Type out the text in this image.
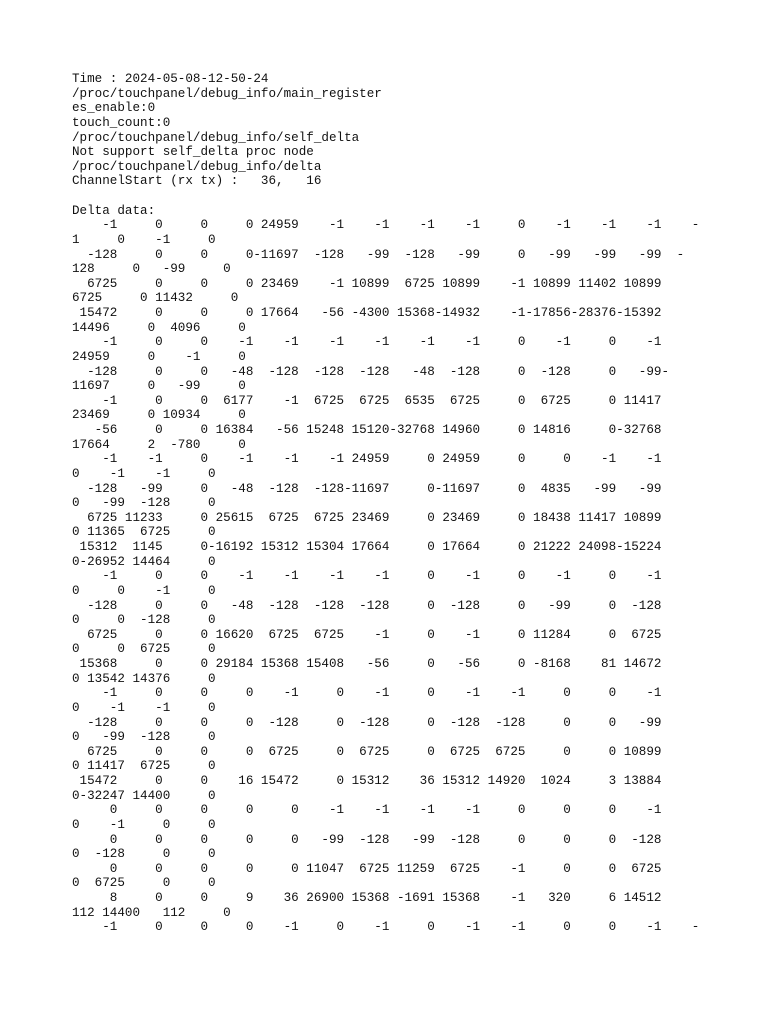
Time : 2024-05-08-12-50-24
/proc/touchpanel/debug_info/main_register
es_enable:0
touch_count:0
/proc/touchpanel/debug_info/self_delta
Not support self_delta proc node
/proc/touchpanel/debug_info/delta
ChannelStart (rx tx) :   36,   16
Delta data:
-1     0     0     0 24959    -1    -1    -1    -1     0    -1    -1    -1    -
1     0    -1     0
-128     0     0     0-11697  -128   -99  -128   -99     0   -99   -99   -99  -
128     0   -99     0
6725     0     0     0 23469    -1 10899  6725 10899    -1 10899 11402 10899
6725     0 11432     0
15472     0     0     0 17664   -56 -4300 15368-14932    -1-17856-28376-15392
14496     0  4096     0
-1     0     0    -1    -1    -1    -1    -1    -1     0    -1     0    -1
24959     0    -1     0
-128     0     0   -48  -128  -128  -128   -48  -128     0  -128     0   -99-
11697     0   -99     0
-1     0     0  6177    -1  6725  6725  6535  6725     0  6725     0 11417
23469     0 10934     0
-56     0     0 16384   -56 15248 15120-32768 14960     0 14816     0-32768
17664     2  -780     0
-1    -1     0    -1    -1    -1 24959     0 24959     0     0    -1    -1
0    -1    -1     0
-128   -99     0   -48  -128  -128-11697     0-11697     0  4835   -99   -99
0   -99  -128     0
6725 11233     0 25615  6725  6725 23469     0 23469     0 18438 11417 10899
0 11365  6725     0
15312  1145     0-16192 15312 15304 17664     0 17664     0 21222 24098-15224
0-26952 14464     0
-1     0     0    -1    -1    -1    -1     0    -1     0    -1     0    -1
0     0    -1     0
-128     0     0   -48  -128  -128  -128     0  -128     0   -99     0  -128
0     0  -128     0
6725     0     0 16620  6725  6725    -1     0    -1     0 11284     0  6725
0     0  6725     0
15368     0     0 29184 15368 15408   -56     0   -56     0 -8168    81 14672
0 13542 14376     0
-1     0     0     0    -1     0    -1     0    -1    -1     0     0    -1
0    -1    -1     0
-128     0     0     0  -128     0  -128     0  -128  -128     0     0   -99
0   -99  -128     0
6725     0     0     0  6725     0  6725     0  6725  6725     0     0 10899
0 11417  6725     0
15472     0     0    16 15472     0 15312    36 15312 14920  1024     3 13884
0-32247 14400     0
0     0     0     0     0    -1    -1    -1    -1     0     0     0    -1
0    -1     0     0
0     0     0     0     0   -99  -128   -99  -128     0     0     0  -128
0  -128     0     0
0     0     0     0     0 11047  6725 11259  6725    -1     0     0  6725
0  6725     0     0
8     0     0     9    36 26900 15368 -1691 15368    -1   320     6 14512
112 14400   112     0
-1     0     0     0    -1     0    -1     0    -1    -1     0     0    -1    -
